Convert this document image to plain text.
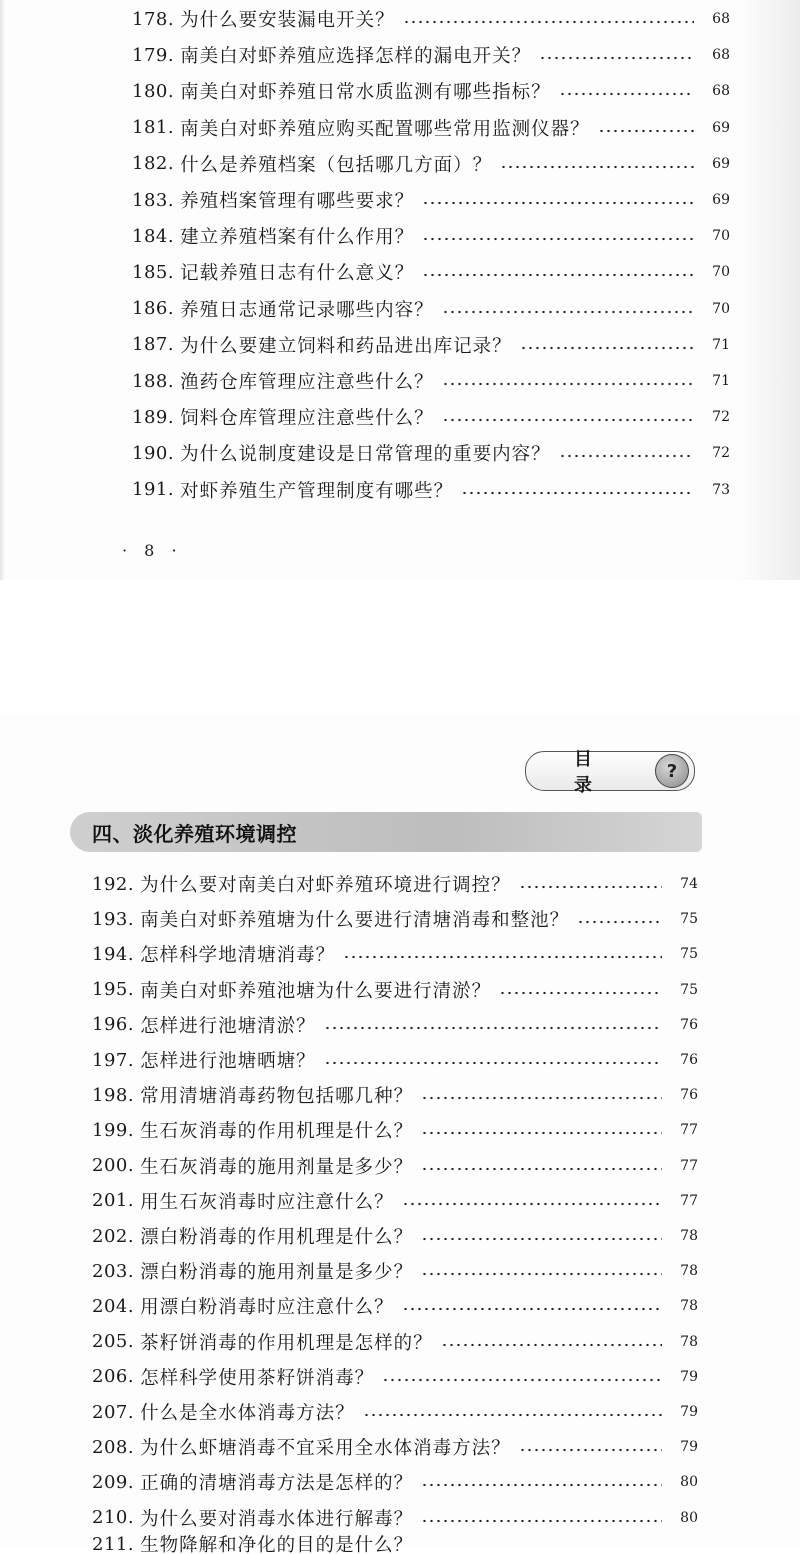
178. 为什么要安装漏电开关？	68
179. 南美白对虾养殖应选择怎样的漏电开关？	68
180. 南美白对虾养殖日常水质监测有哪些指标？	68
181. 南美白对虾养殖应购买配置哪些常用监测仪器？	69
182. 什么是养殖档案（包括哪几方面）？	69
183. 养殖档案管理有哪些要求？	69
184. 建立养殖档案有什么作用？	70
185. 记载养殖日志有什么意义？	70
186. 养殖日志通常记录哪些内容？	70
187. 为什么要建立饲料和药品进出库记录？	71
188. 渔药仓库管理应注意些什么？	71
189. 饲料仓库管理应注意些什么？	72
190. 为什么说制度建设是日常管理的重要内容？	72
191. 对虾养殖生产管理制度有哪些？	73
· 8 ·
目 录
?
四、淡化养殖环境调控
192. 为什么要对南美白对虾养殖环境进行调控？	74
193. 南美白对虾养殖塘为什么要进行清塘消毒和整池？	75
194. 怎样科学地清塘消毒？	75
195. 南美白对虾养殖池塘为什么要进行清淤？	75
196. 怎样进行池塘清淤？	76
197. 怎样进行池塘晒塘？	76
198. 常用清塘消毒药物包括哪几种？	76
199. 生石灰消毒的作用机理是什么？	77
200. 生石灰消毒的施用剂量是多少？	77
201. 用生石灰消毒时应注意什么？	77
202. 漂白粉消毒的作用机理是什么？	78
203. 漂白粉消毒的施用剂量是多少？	78
204. 用漂白粉消毒时应注意什么？	78
205. 茶籽饼消毒的作用机理是怎样的？	78
206. 怎样科学使用茶籽饼消毒？	79
207. 什么是全水体消毒方法？	79
208. 为什么虾塘消毒不宜采用全水体消毒方法？	79
209. 正确的清塘消毒方法是怎样的？	80
210. 为什么要对消毒水体进行解毒？	80
211. 生物降解和净化的目的是什么？
